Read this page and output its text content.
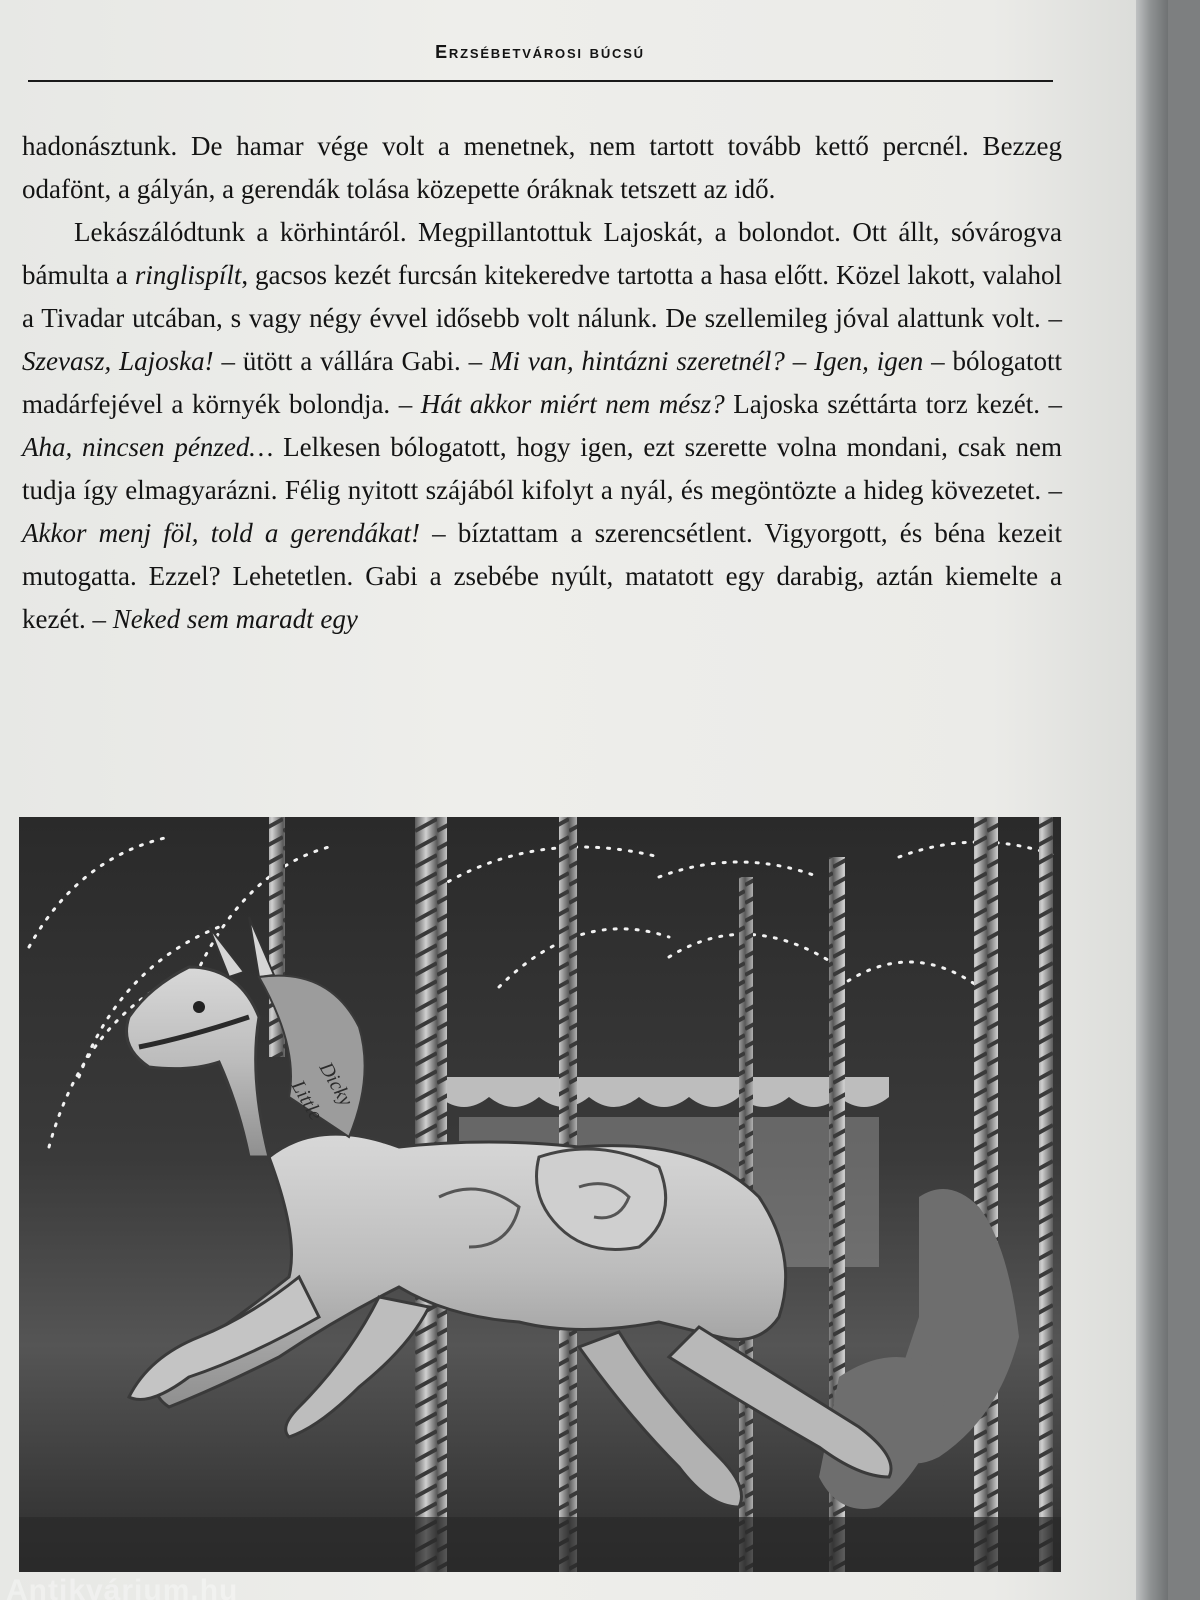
Erzsébetvárosi búcsú

hadonásztunk. De hamar vége volt a menetnek, nem tartott tovább kettő percnél. Bezzeg odafönt, a gályán, a gerendák tolása közepette óráknak tetszett az idő.

Lekászálódtunk a körhintáról. Megpillantottuk Lajoskát, a bolondot. Ott állt, sóvárogva bámulta a ringlispílt, gacsos kezét furcsán kitekeredve tartotta a hasa előtt. Közel lakott, valahol a Tivadar utcában, s vagy négy évvel idősebb volt nálunk. De szellemileg jóval alattunk volt. – Szevasz, Lajoska! – ütött a vállára Gabi. – Mi van, hintázni szeretnél? – Igen, igen – bólogatott madárfejével a környék bolondja. – Hát akkor miért nem mész? Lajoska széttárta torz kezét. – Aha, nincsen pénzed… Lelkesen bólogatott, hogy igen, ezt szerette volna mondani, csak nem tudja így elmagyarázni. Félig nyitott szájából kifolyt a nyál, és megöntözte a hideg kövezetet. – Akkor menj föl, told a gerendákat! – bíztattam a szerencsétlent. Vigyorgott, és béna kezeit mutogatta. Ezzel? Lehetetlen. Gabi a zsebébe nyúlt, matatott egy darabig, aztán kiemelte a kezét. – Neked sem maradt egy

Dicky
Little
Antikvárium.hu
